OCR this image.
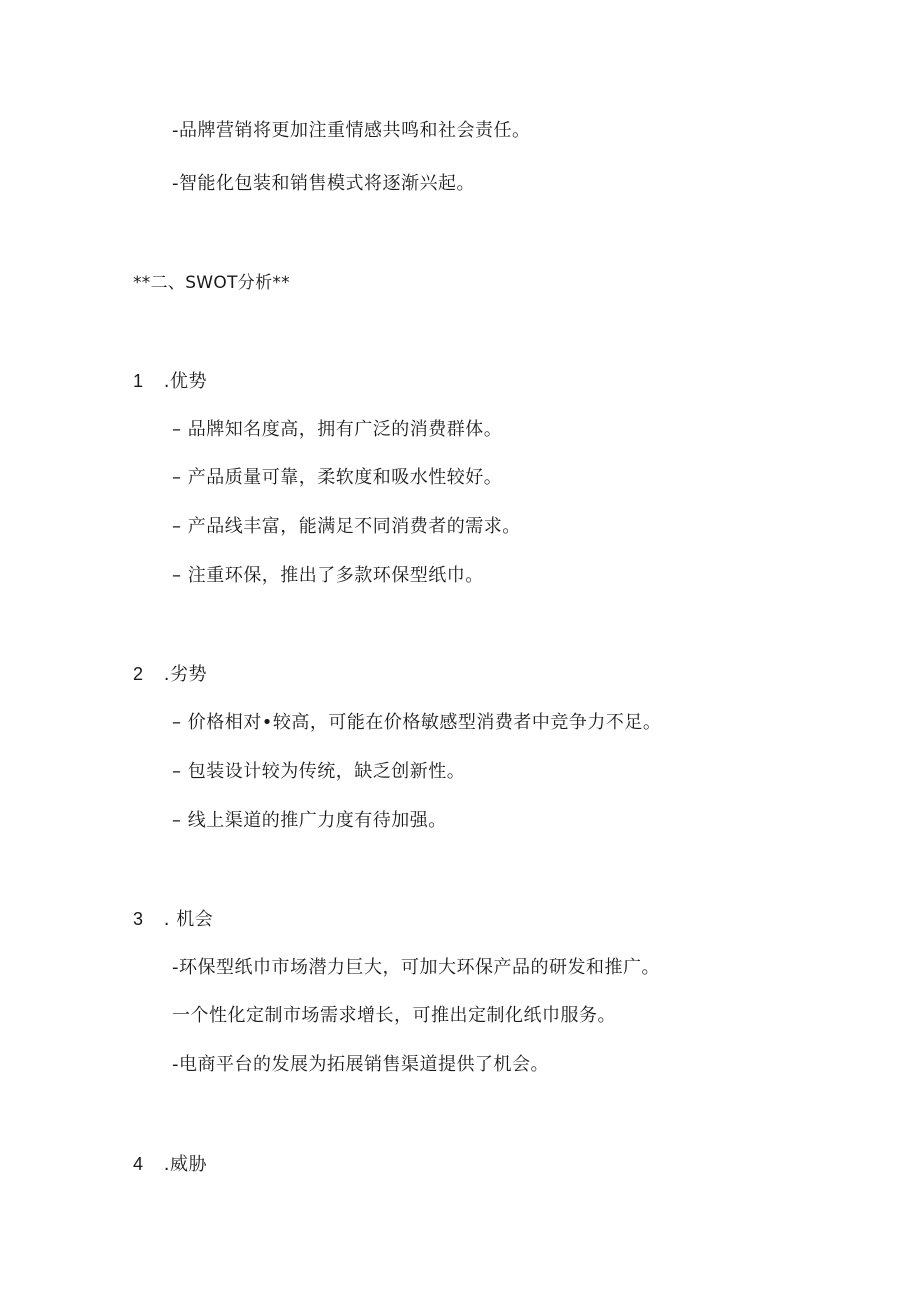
-品牌营销将更加注重情感共鸣和社会责任。
-智能化包装和销售模式将逐渐兴起。
**二、SWOT分析**
1 .优势
– 品牌知名度高，拥有广泛的消费群体。
– 产品质量可靠，柔软度和吸水性较好。
– 产品线丰富，能满足不同消费者的需求。
– 注重环保，推出了多款环保型纸巾。
2 .劣势
– 价格相对•较高，可能在价格敏感型消费者中竞争力不足。
– 包装设计较为传统，缺乏创新性。
– 线上渠道的推广力度有待加强。
3 . 机会
-环保型纸巾市场潜力巨大，可加大环保产品的研发和推广。
一个性化定制市场需求增长，可推出定制化纸巾服务。
-电商平台的发展为拓展销售渠道提供了机会。
4 .威胁
